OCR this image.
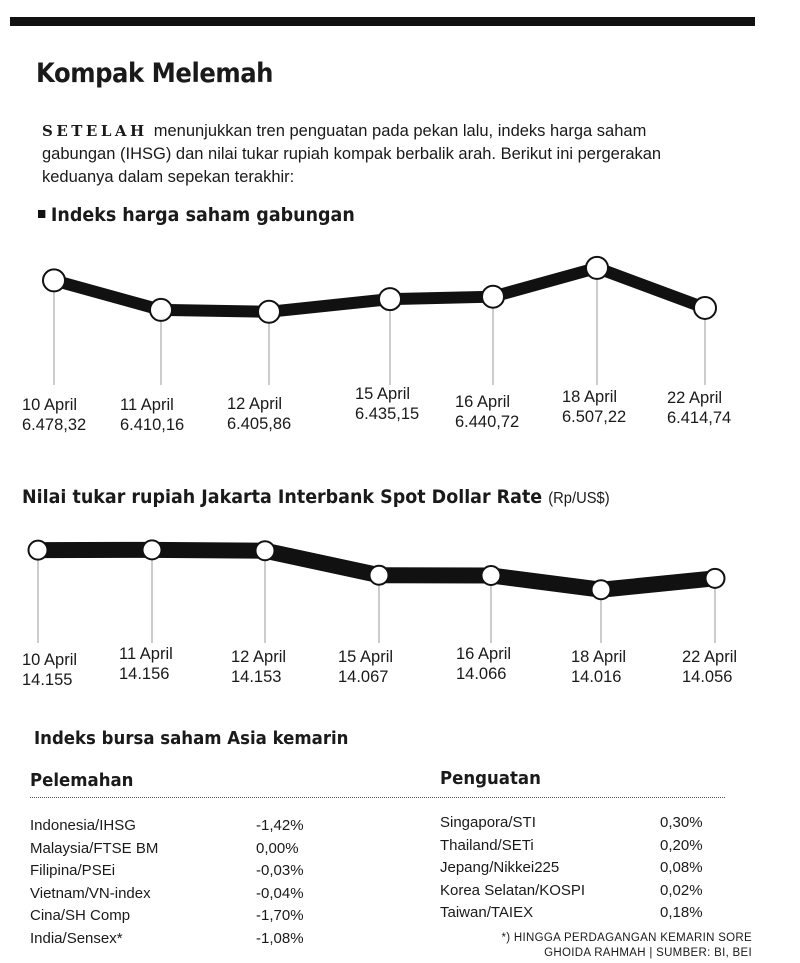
Kompak Melemah

SETELAH menunjukkan tren penguatan pada pekan lalu, indeks harga saham gabungan (IHSG) dan nilai tukar rupiah kompak berbalik arah. Berikut ini pergerakan keduanya dalam sepekan terakhir:

Indeks harga saham gabungan
10 April
6.478,32
11 April
6.410,16
12 April
6.405,86
15 April
6.435,15
16 April
6.440,72
18 April
6.507,22
22 April
6.414,74
Nilai tukar rupiah Jakarta Interbank Spot Dollar Rate (Rp/US$)
10 April
14.155
11 April
14.156
12 April
14.153
15 April
14.067
16 April
14.066
18 April
14.016
22 April
14.056
Indeks bursa saham Asia kemarin
Pelemahan	Penguatan
Indonesia/IHSG	-1,42%
Malaysia/FTSE BM	0,00%
Filipina/PSEi	-0,03%
Vietnam/VN-index	-0,04%
Cina/SH Comp	-1,70%
India/Sensex*	-1,08%
Singapora/STI	0,30%
Thailand/SETi	0,20%
Jepang/Nikkei225	0,08%
Korea Selatan/KOSPI	0,02%
Taiwan/TAIEX	0,18%
*) HINGGA PERDAGANGAN KEMARIN SORE
GHOIDA RAHMAH | SUMBER: BI, BEI
